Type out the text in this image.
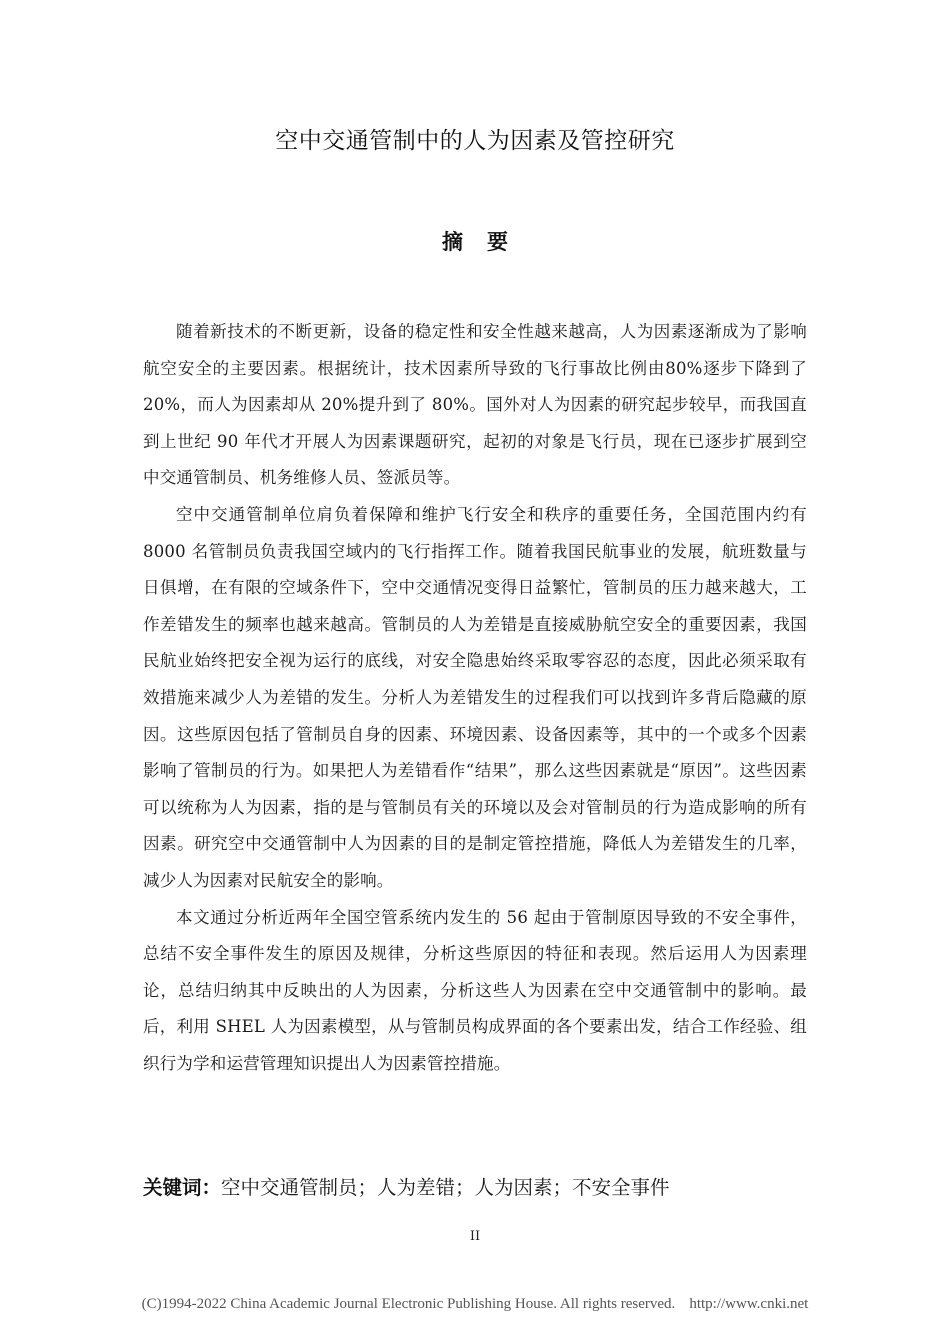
空中交通管制中的人为因素及管控研究
摘要

随着新技术的不断更新，设备的稳定性和安全性越来越高，人为因素逐渐成为了影响航空安全的主要因素。根据统计，技术因素所导致的飞行事故比例由80%逐步下降到了 20%，而人为因素却从 20%提升到了 80%。国外对人为因素的研究起步较早，而我国直到上世纪 90 年代才开展人为因素课题研究，起初的对象是飞行员，现在已逐步扩展到空中交通管制员、机务维修人员、签派员等。

空中交通管制单位肩负着保障和维护飞行安全和秩序的重要任务，全国范围内约有 8000 名管制员负责我国空域内的飞行指挥工作。随着我国民航事业的发展，航班数量与日俱增，在有限的空域条件下，空中交通情况变得日益繁忙，管制员的压力越来越大，工作差错发生的频率也越来越高。管制员的人为差错是直接威胁航空安全的重要因素，我国民航业始终把安全视为运行的底线，对安全隐患始终采取零容忍的态度，因此必须采取有效措施来减少人为差错的发生。分析人为差错发生的过程我们可以找到许多背后隐藏的原因。这些原因包括了管制员自身的因素、环境因素、设备因素等，其中的一个或多个因素影响了管制员的行为。如果把人为差错看作“结果”，那么这些因素就是“原因”。这些因素可以统称为人为因素，指的是与管制员有关的环境以及会对管制员的行为造成影响的所有因素。研究空中交通管制中人为因素的目的是制定管控措施，降低人为差错发生的几率，减少人为因素对民航安全的影响。

本文通过分析近两年全国空管系统内发生的 56 起由于管制原因导致的不安全事件，总结不安全事件发生的原因及规律，分析这些原因的特征和表现。然后运用人为因素理论，总结归纳其中反映出的人为因素，分析这些人为因素在空中交通管制中的影响。最后，利用 SHEL 人为因素模型，从与管制员构成界面的各个要素出发，结合工作经验、组织行为学和运营管理知识提出人为因素管控措施。

关键词：空中交通管制员；人为差错；人为因素；不安全事件
II
(C)1994-2022 China Academic Journal Electronic Publishing House. All rights reserved. http://www.cnki.net
